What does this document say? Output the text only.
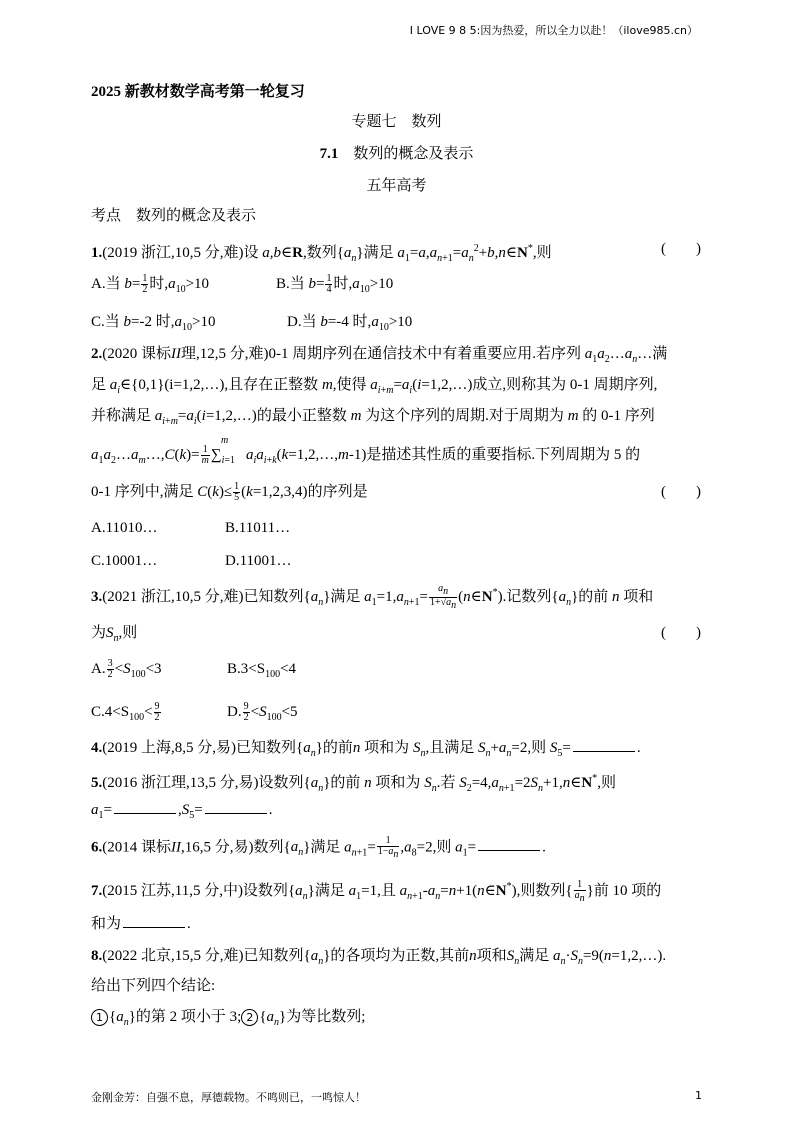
I LOVE 9 8 5:因为热爱，所以全力以赴！（ilove985.cn）
2025 新教材数学高考第一轮复习
专题七　数列
7.1　 数列的概念及表示
五年高考
考点　数列的概念及表示
1.(2019 浙江,10,5 分,难)设 a,b∈R,数列$\{a_n\}$满足 $a_1=a,a_{n+1}=a_n^2+b,n\in N^*$,则	(　　)
A.当 $b= \frac{1}{2}$ 时$,a_{10}>10$	B.当 $b= \frac{1}{4}$ 时$,a_{10}>10$
C.当 b=-2 时$,a_{10}>10$	D.当 b=-4 时$,a_{10}>10$
2.(2020 课标II理,12,5 分,难)0-1 周期序列在通信技术中有着重要应用.若序列 $a_1a_2\dots a_n\dots$满
足 $a_i\in\{0,1\}(i=1,2,\dots)$,且存在正整数 m,使得 $a_{i+m}=a_i(i=1,2,\dots)$成立,则称其为 0-1 周期序列,
并称满足 $a_{i+m}=a_i(i=1,2,\dots)$的最小正整数 m 为这个序列的周期.对于周期为 m 的 0-1 序列
$a_1a_2\dots a_m\dots,C(k)= \frac{1}{m} \sum_{i=1}^m$ $a_ia_{i+k}(k=1,2,\dots,m-1)$是描述其性质的重要指标.下列周期为 5 的
0-1 序列中,满足 $C(k)\le \frac{1}{5} (k=1,2,3,4)$的序列是	(　　)
A.11010…	B.11011…
C.10001…	D.11001…
3.(2021 浙江,10,5 分,难)已知数列$\{a_n\}$满足 $a_1=1,a_{n+1}= \frac{a_n}{1+√a_n}$ (n∈N*).记数列$\{a_n\}$的前 n 项和
为$S_n$,则	(　　)
A. $\frac{3}{2} <S_{100}<3$	$B.3<S_{100}<4$
$C.4<S_{100}< \frac{9}{2}$	D. $\frac{9}{2} <S_{100}<5$
4.(2019 上海,8,5 分,易)已知数列$\{a_n\}$的前n 项和为 $S_n$,且满足 $S_n+a_n=2$,则 $S_5=$	.
5.(2016 浙江理,13,5 分,易)设数列$\{a_n\}$的前 n 项和为 $S_n$.若 $S_2=4,a_{n+1}=2S_n+1,n\in N^*$,则
$a_1=$	$,S_5=$	.
6.(2014 课标II,16,5 分,易)数列$\{a_n\}$满足 $a_{n+1}= \frac{1}{1-a_n} ,a_8=2$,则 $a_1=$	.
7.(2015 江苏,11,5 分,中)设数列$\{a_n\}$满足 $a_1=1$,且 $a_{n+1}-a_n=n+1(n\in N^*)$,则数列{ $\frac{1}{a_n}$ }前 10 项的
和为	.
8.(2022 北京,15,5 分,难)已知数列$\{a_n\}$的各项均为正数,其前n项和$S_n$满足 $a_n\cdot S_n=9(n=1,2,\dots)$.
给出下列四个结论:
1 $\{a_n\}$的第 2 项小于 3; 2 $\{a_n\}$为等比数列;
金刚金芳：自强不息，厚德载物。不鸣则已，一鸣惊人！	1
